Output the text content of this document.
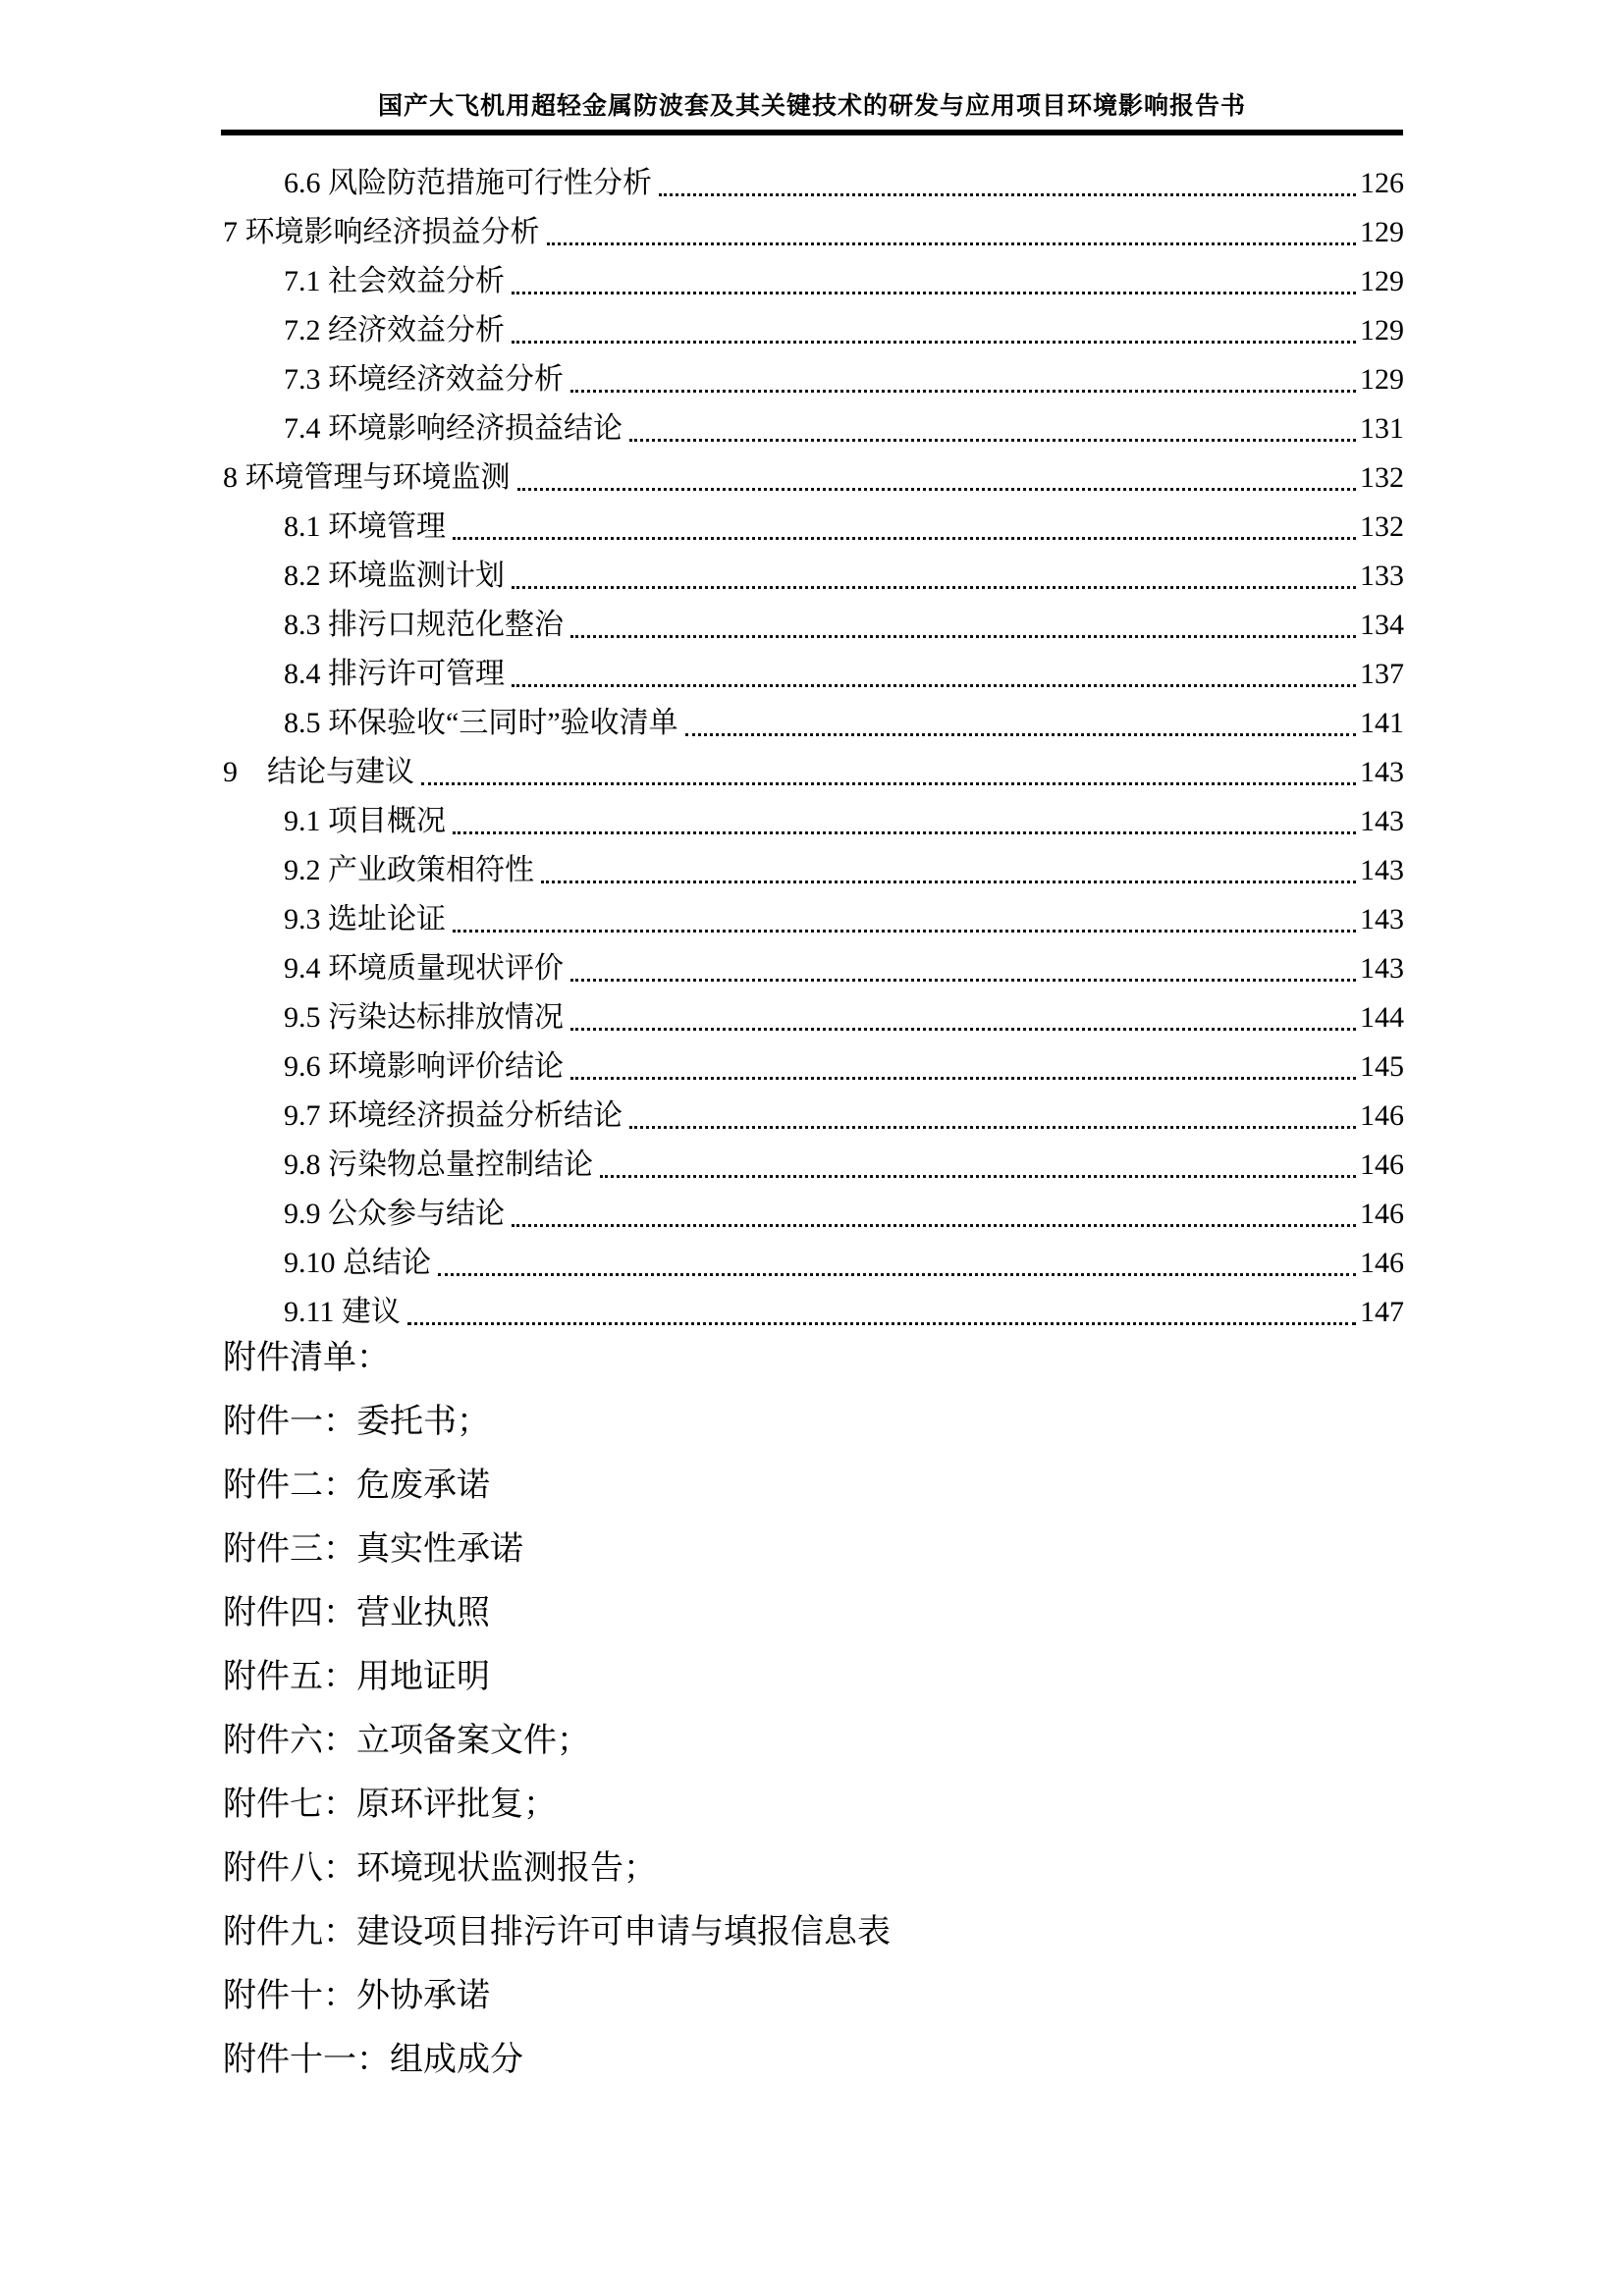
国产大飞机用超轻金属防波套及其关键技术的研发与应用项目环境影响报告书
6.6 风险防范措施可行性分析	126
7 环境影响经济损益分析	129
7.1 社会效益分析	129
7.2 经济效益分析	129
7.3 环境经济效益分析	129
7.4 环境影响经济损益结论	131
8 环境管理与环境监测	132
8.1 环境管理	132
8.2 环境监测计划	133
8.3 排污口规范化整治	134
8.4 排污许可管理	137
8.5 环保验收“三同时”验收清单	141
9　结论与建议	143
9.1 项目概况	143
9.2 产业政策相符性	143
9.3 选址论证	143
9.4 环境质量现状评价	143
9.5 污染达标排放情况	144
9.6 环境影响评价结论	145
9.7 环境经济损益分析结论	146
9.8 污染物总量控制结论	146
9.9 公众参与结论	146
9.10 总结论	146
9.11 建议	147
附件清单：
附件一：委托书；
附件二：危废承诺
附件三：真实性承诺
附件四：营业执照
附件五：用地证明
附件六：立项备案文件；
附件七：原环评批复；
附件八：环境现状监测报告；
附件九：建设项目排污许可申请与填报信息表
附件十：外协承诺
附件十一：组成成分
